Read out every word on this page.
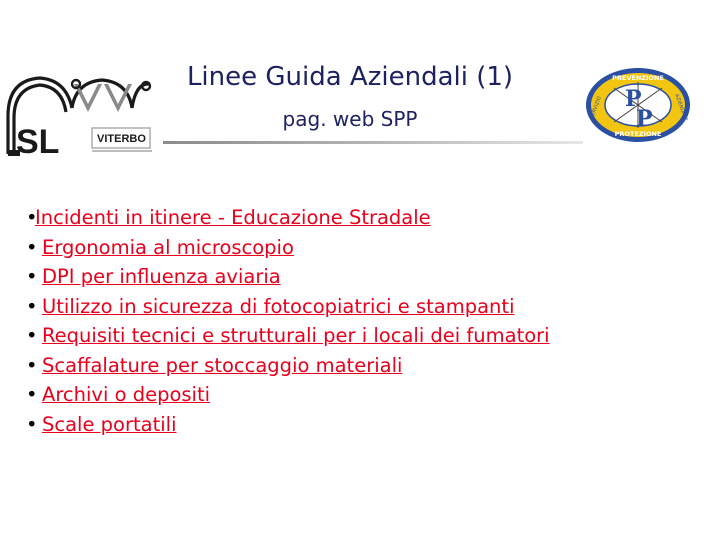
SL	VITERBO
Linee Guida Aziendali (1)
pag. web SPP
P
P
PREVENZIONE
PROTEZIONE
SERVIZIO	AZIENDALE
•Incidenti in itinere - Educazione Stradale
• Ergonomia al microscopio
• DPI per influenza aviaria
• Utilizzo in sicurezza di fotocopiatrici e stampanti
• Requisiti tecnici e strutturali per i locali dei fumatori
• Scaffalature per stoccaggio materiali
• Archivi o depositi
• Scale portatili
